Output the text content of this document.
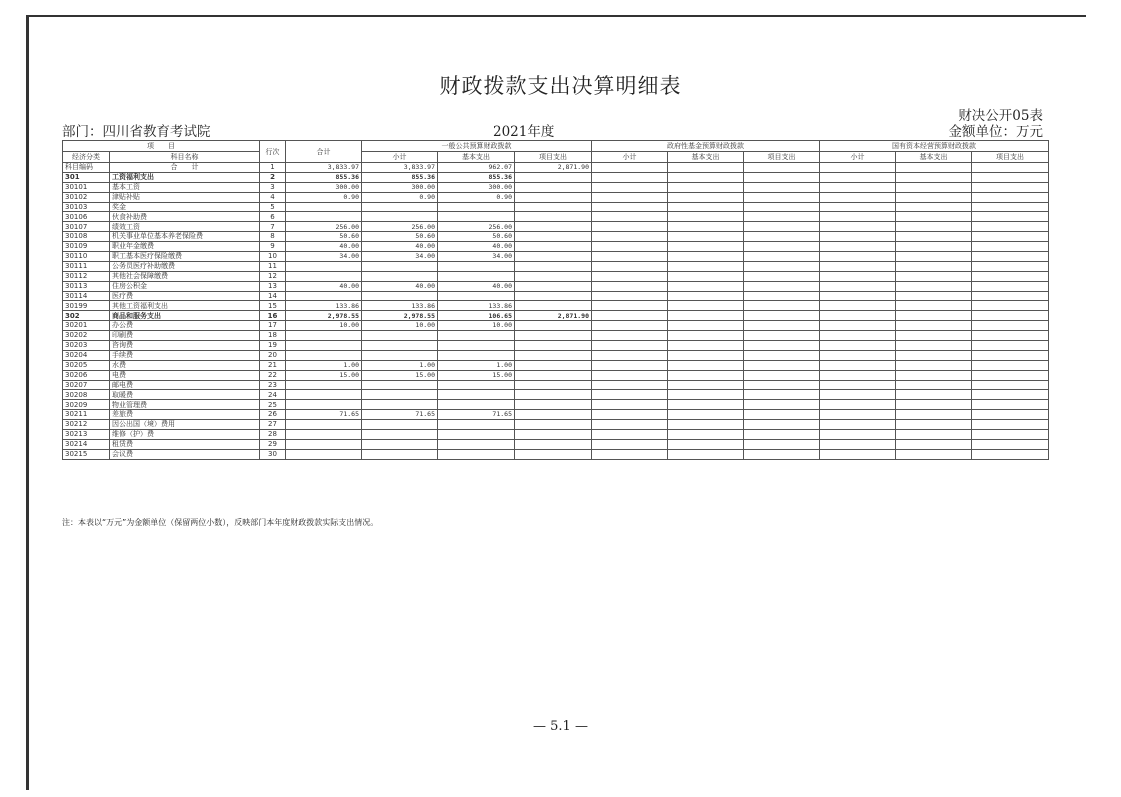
财政拨款支出决算明细表
财决公开05表
部门：四川省教育考试院	2021年度	金额单位：万元
项　　目		行次	合计	一般公共预算财政拨款			政府性基金预算财政拨款			国有资本经营预算财政拨款		
经济分类	科目名称			小计	基本支出	项目支出	小计	基本支出	项目支出	小计	基本支出	项目支出
科目编码	合　　计	1	3,833.97	3,833.97	962.07	2,871.90						
301	工资福利支出	2	855.36	855.36	855.36							
30101	基本工资	3	300.00	300.00	300.00							
30102	津贴补贴	4	0.90	0.90	0.90							
30103	奖金	5										
30106	伙食补助费	6										
30107	绩效工资	7	256.00	256.00	256.00							
30108	机关事业单位基本养老保险费	8	50.60	50.60	50.60							
30109	职业年金缴费	9	40.00	40.00	40.00							
30110	职工基本医疗保险缴费	10	34.00	34.00	34.00							
30111	公务员医疗补助缴费	11										
30112	其他社会保障缴费	12										
30113	住房公积金	13	40.00	40.00	40.00							
30114	医疗费	14										
30199	其他工资福利支出	15	133.86	133.86	133.86							
302	商品和服务支出	16	2,978.55	2,978.55	106.65	2,871.90						
30201	办公费	17	10.00	10.00	10.00							
30202	印刷费	18										
30203	咨询费	19										
30204	手续费	20										
30205	水费	21	1.00	1.00	1.00							
30206	电费	22	15.00	15.00	15.00							
30207	邮电费	23										
30208	取暖费	24										
30209	物业管理费	25										
30211	差旅费	26	71.65	71.65	71.65							
30212	因公出国（境）费用	27										
30213	维修（护）费	28										
30214	租赁费	29										
30215	会议费	30										
注：本表以“万元”为金额单位（保留两位小数），反映部门本年度财政拨款实际支出情况。
— 5.1 —
